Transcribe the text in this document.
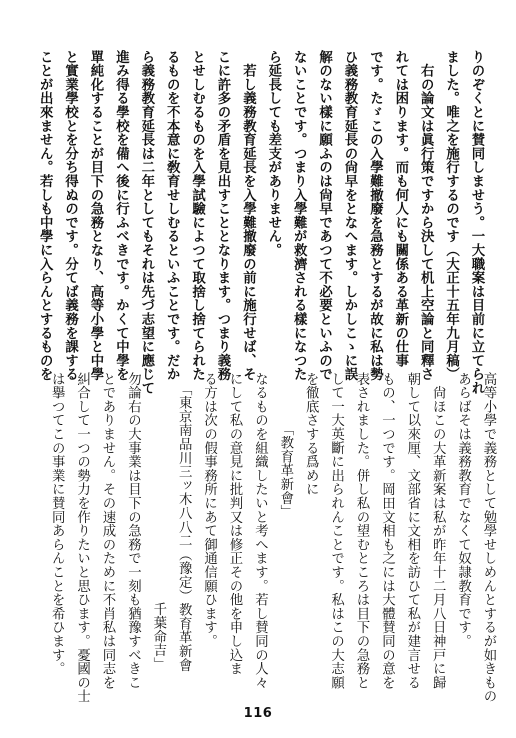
りのぞくとに賛同しませう。一大職案は目前に立てられ
ました。唯之を施行するのです（大正十五年九月稿）
　右の論文は眞行策ですから決して机上空論と同釋さ
れては困ります。而も何人にも關係ある革新の仕事
です。たゞこの入學難撤廢を急務とするが故に私は勢
ひ義務教育延長の尙早をとなへます。しかしこゝに誤
解のない樣に願ふのは尙早であつて不必要といふので
ないことです。つまり入學難が救濟される樣になつた
ら延長しても差支がありません。
　若し義務教育延長を入學難撤廢の前に施行せば、そ
こに許多の矛盾を見出すこととなります。つまり義務
とせしむるものを入學試驗によつて取捨し捨てられた
るものを不本意に敎育せしむるといふことです。だか
ら義務教育延長は二年としてもそれは先づ志望に應じて
進み得る學校を備へ後に行ふべきです。かくて中學を
單純化することが目下の急務となり、高等小學と中學
と實業學校とを分ち得ぬのです。分てば義務を課する
ことが出來ません。若しも中學に入らんとするものを
高等小學で義務として勉學せしめんとするが如きもの
あらばそは義務教育でなくて奴隷教育です。
　尙ほこの大革新案は私が昨年十二月八日神戸に歸
朝して以來厘、文部省に文相を訪ひて私が建言せる
もの、一つです。岡田文相も之には大體賛同の意を
表されました。併し私の望むところは目下の急務と
して一大英斷に出られんことです。私はこの大志願
を徹底さする爲めに
「教育革新會」
なるものを組織したいと考へます。若し賛同の人々
にして私の意見に批判又は修正その他を申し込ま
る方は次の假事務所にあて御通信願ひます。
「東京南品川三ッ木八八二（豫定）教育革新會
千葉命吉」
勿論右の大事業は目下の急務で一刻も猶豫すべきこ
とでありません。その速成のために不肖私は同志を
糾合して一つの勢力を作りたいと思ひます。憂國の士
は擧つてこの事業に賛同あらんことを希ひます。
116
